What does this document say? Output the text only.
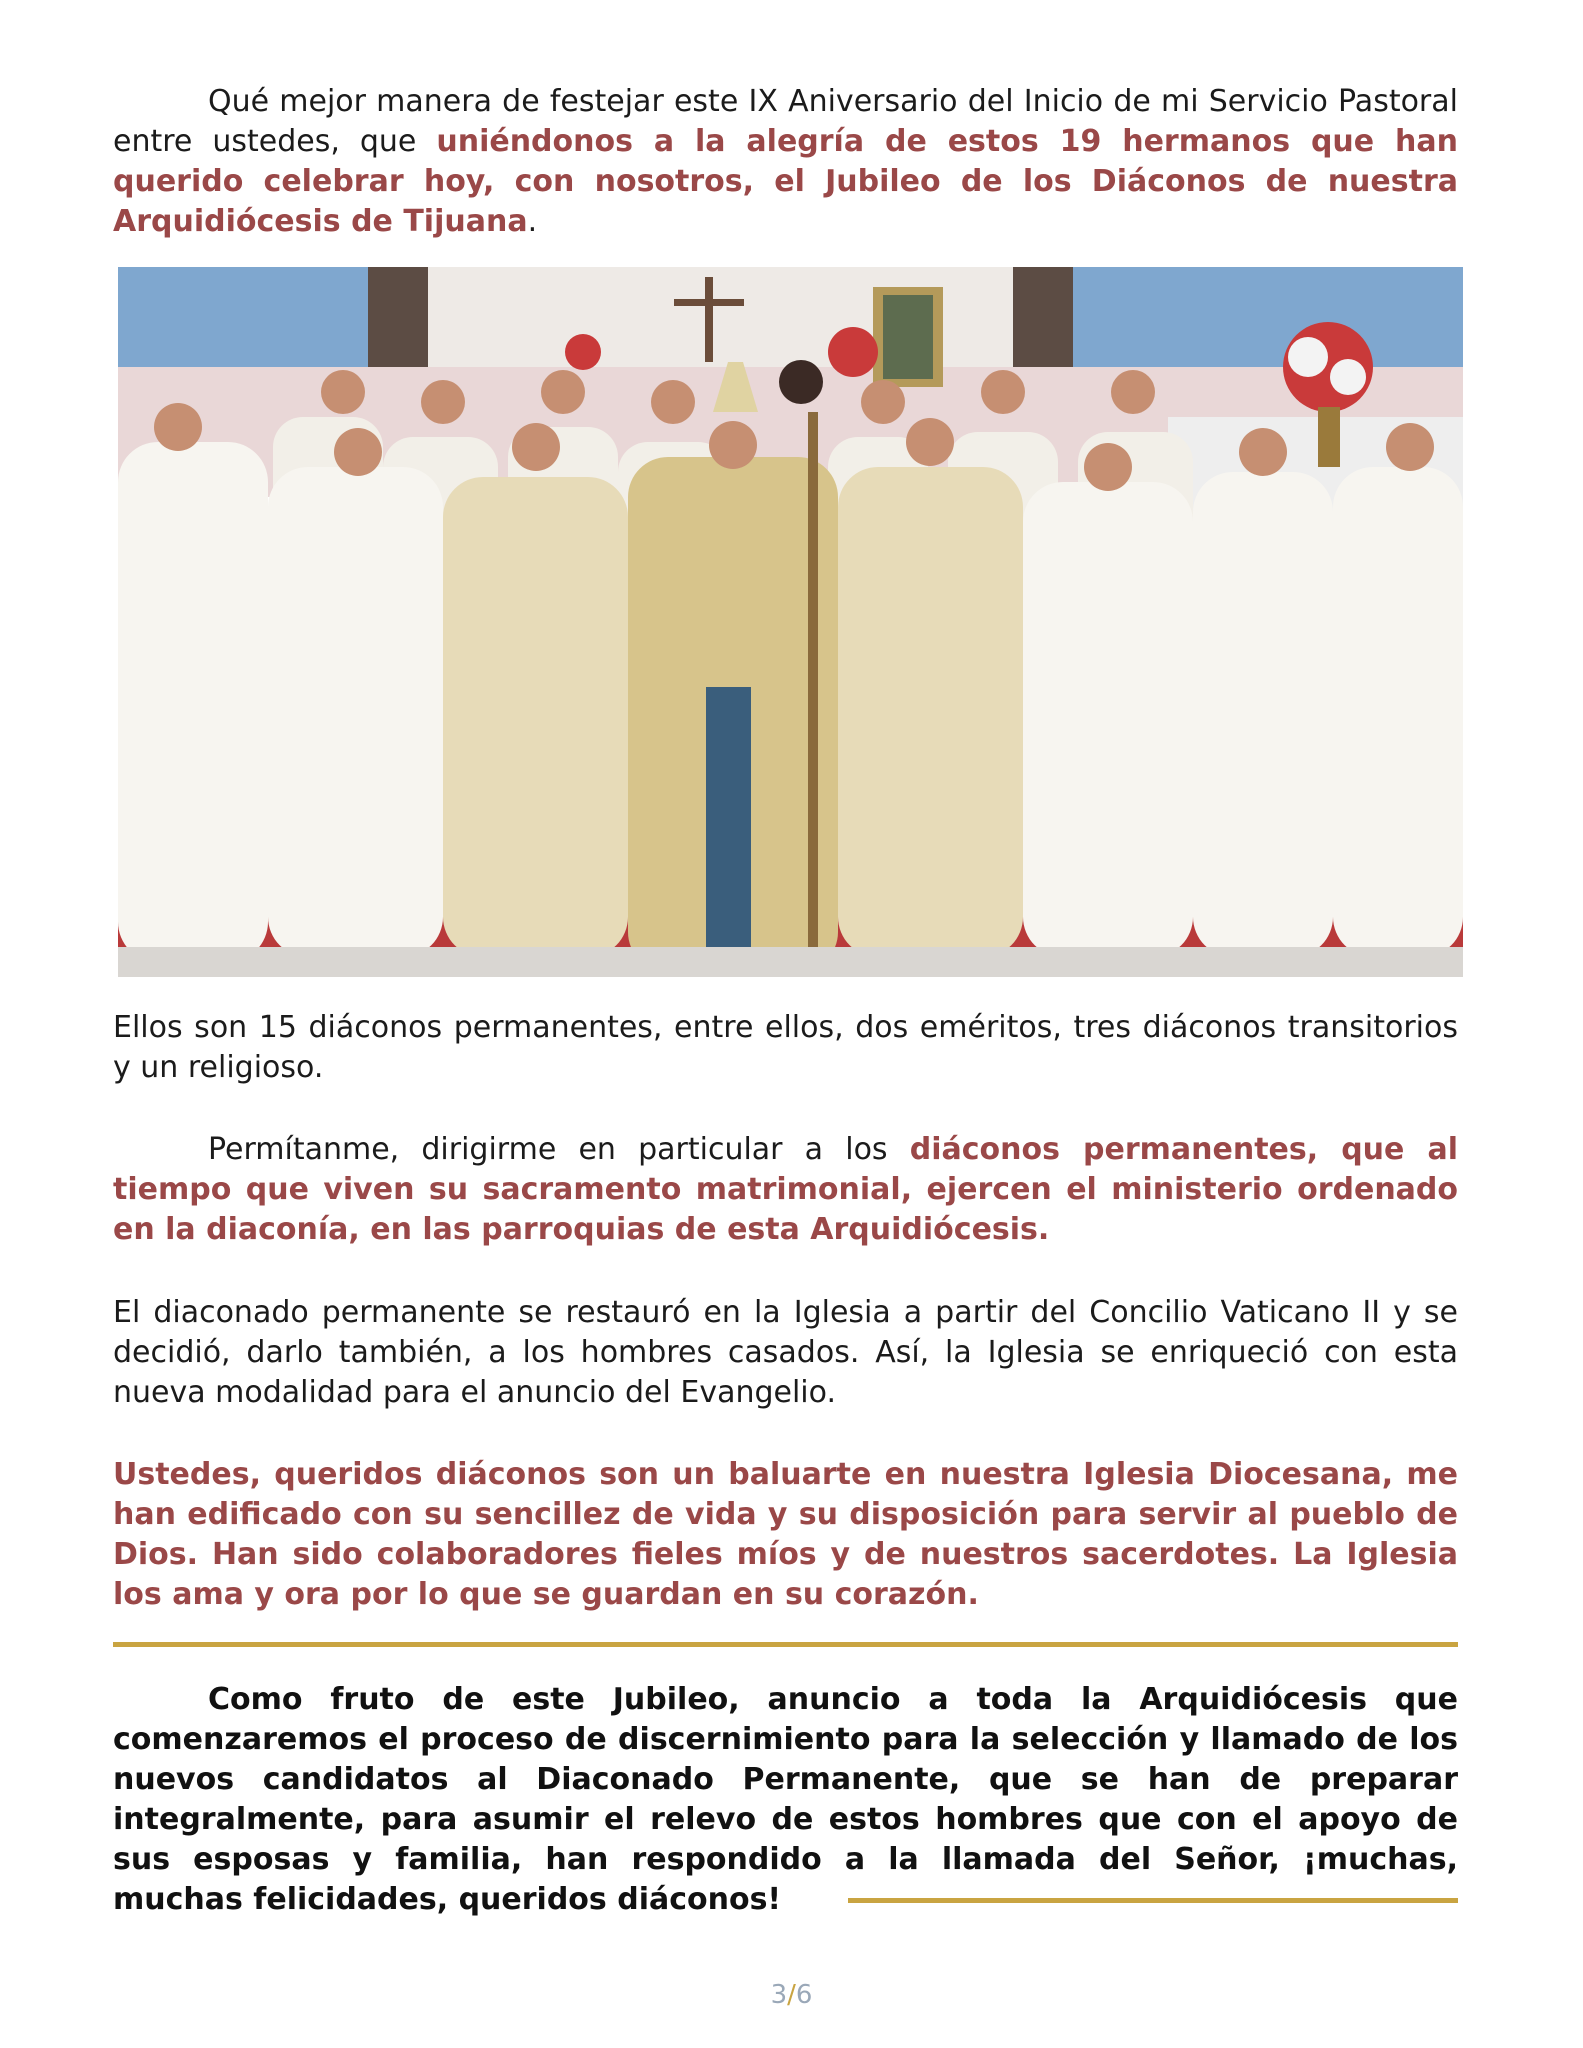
Qué mejor manera de festejar este IX Aniversario del Inicio de mi Servicio Pastoral entre ustedes, que uniéndonos a la alegría de estos 19 hermanos que han querido celebrar hoy, con nosotros, el Jubileo de los Diáconos de nuestra Arquidiócesis de Tijuana.

Ellos son 15 diáconos permanentes, entre ellos, dos eméritos, tres diáconos transitorios y un religioso.

Permítanme, dirigirme en particular a los diáconos permanentes, que al tiempo que viven su sacramento matrimonial, ejercen el ministerio ordenado en la diaconía, en las parroquias de esta Arquidiócesis.

El diaconado permanente se restauró en la Iglesia a partir del Concilio Vaticano II y se decidió, darlo también, a los hombres casados. Así, la Iglesia se enriqueció con esta nueva modalidad para el anuncio del Evangelio.

Ustedes, queridos diáconos son un baluarte en nuestra Iglesia Diocesana, me han edificado con su sencillez de vida y su disposición para servir al pueblo de Dios. Han sido colaboradores fieles míos y de nuestros sacerdotes. La Iglesia los ama y ora por lo que se guardan en su corazón.

Como fruto de este Jubileo, anuncio a toda la Arquidiócesis que comenzaremos el proceso de discernimiento para la selección y llamado de los nuevos candidatos al Diaconado Permanente, que se han de preparar integralmente, para asumir el relevo de estos hombres que con el apoyo de sus esposas y familia, han respondido a la llamada del Señor, ¡muchas, muchas felicidades, queridos diáconos!

3/6
